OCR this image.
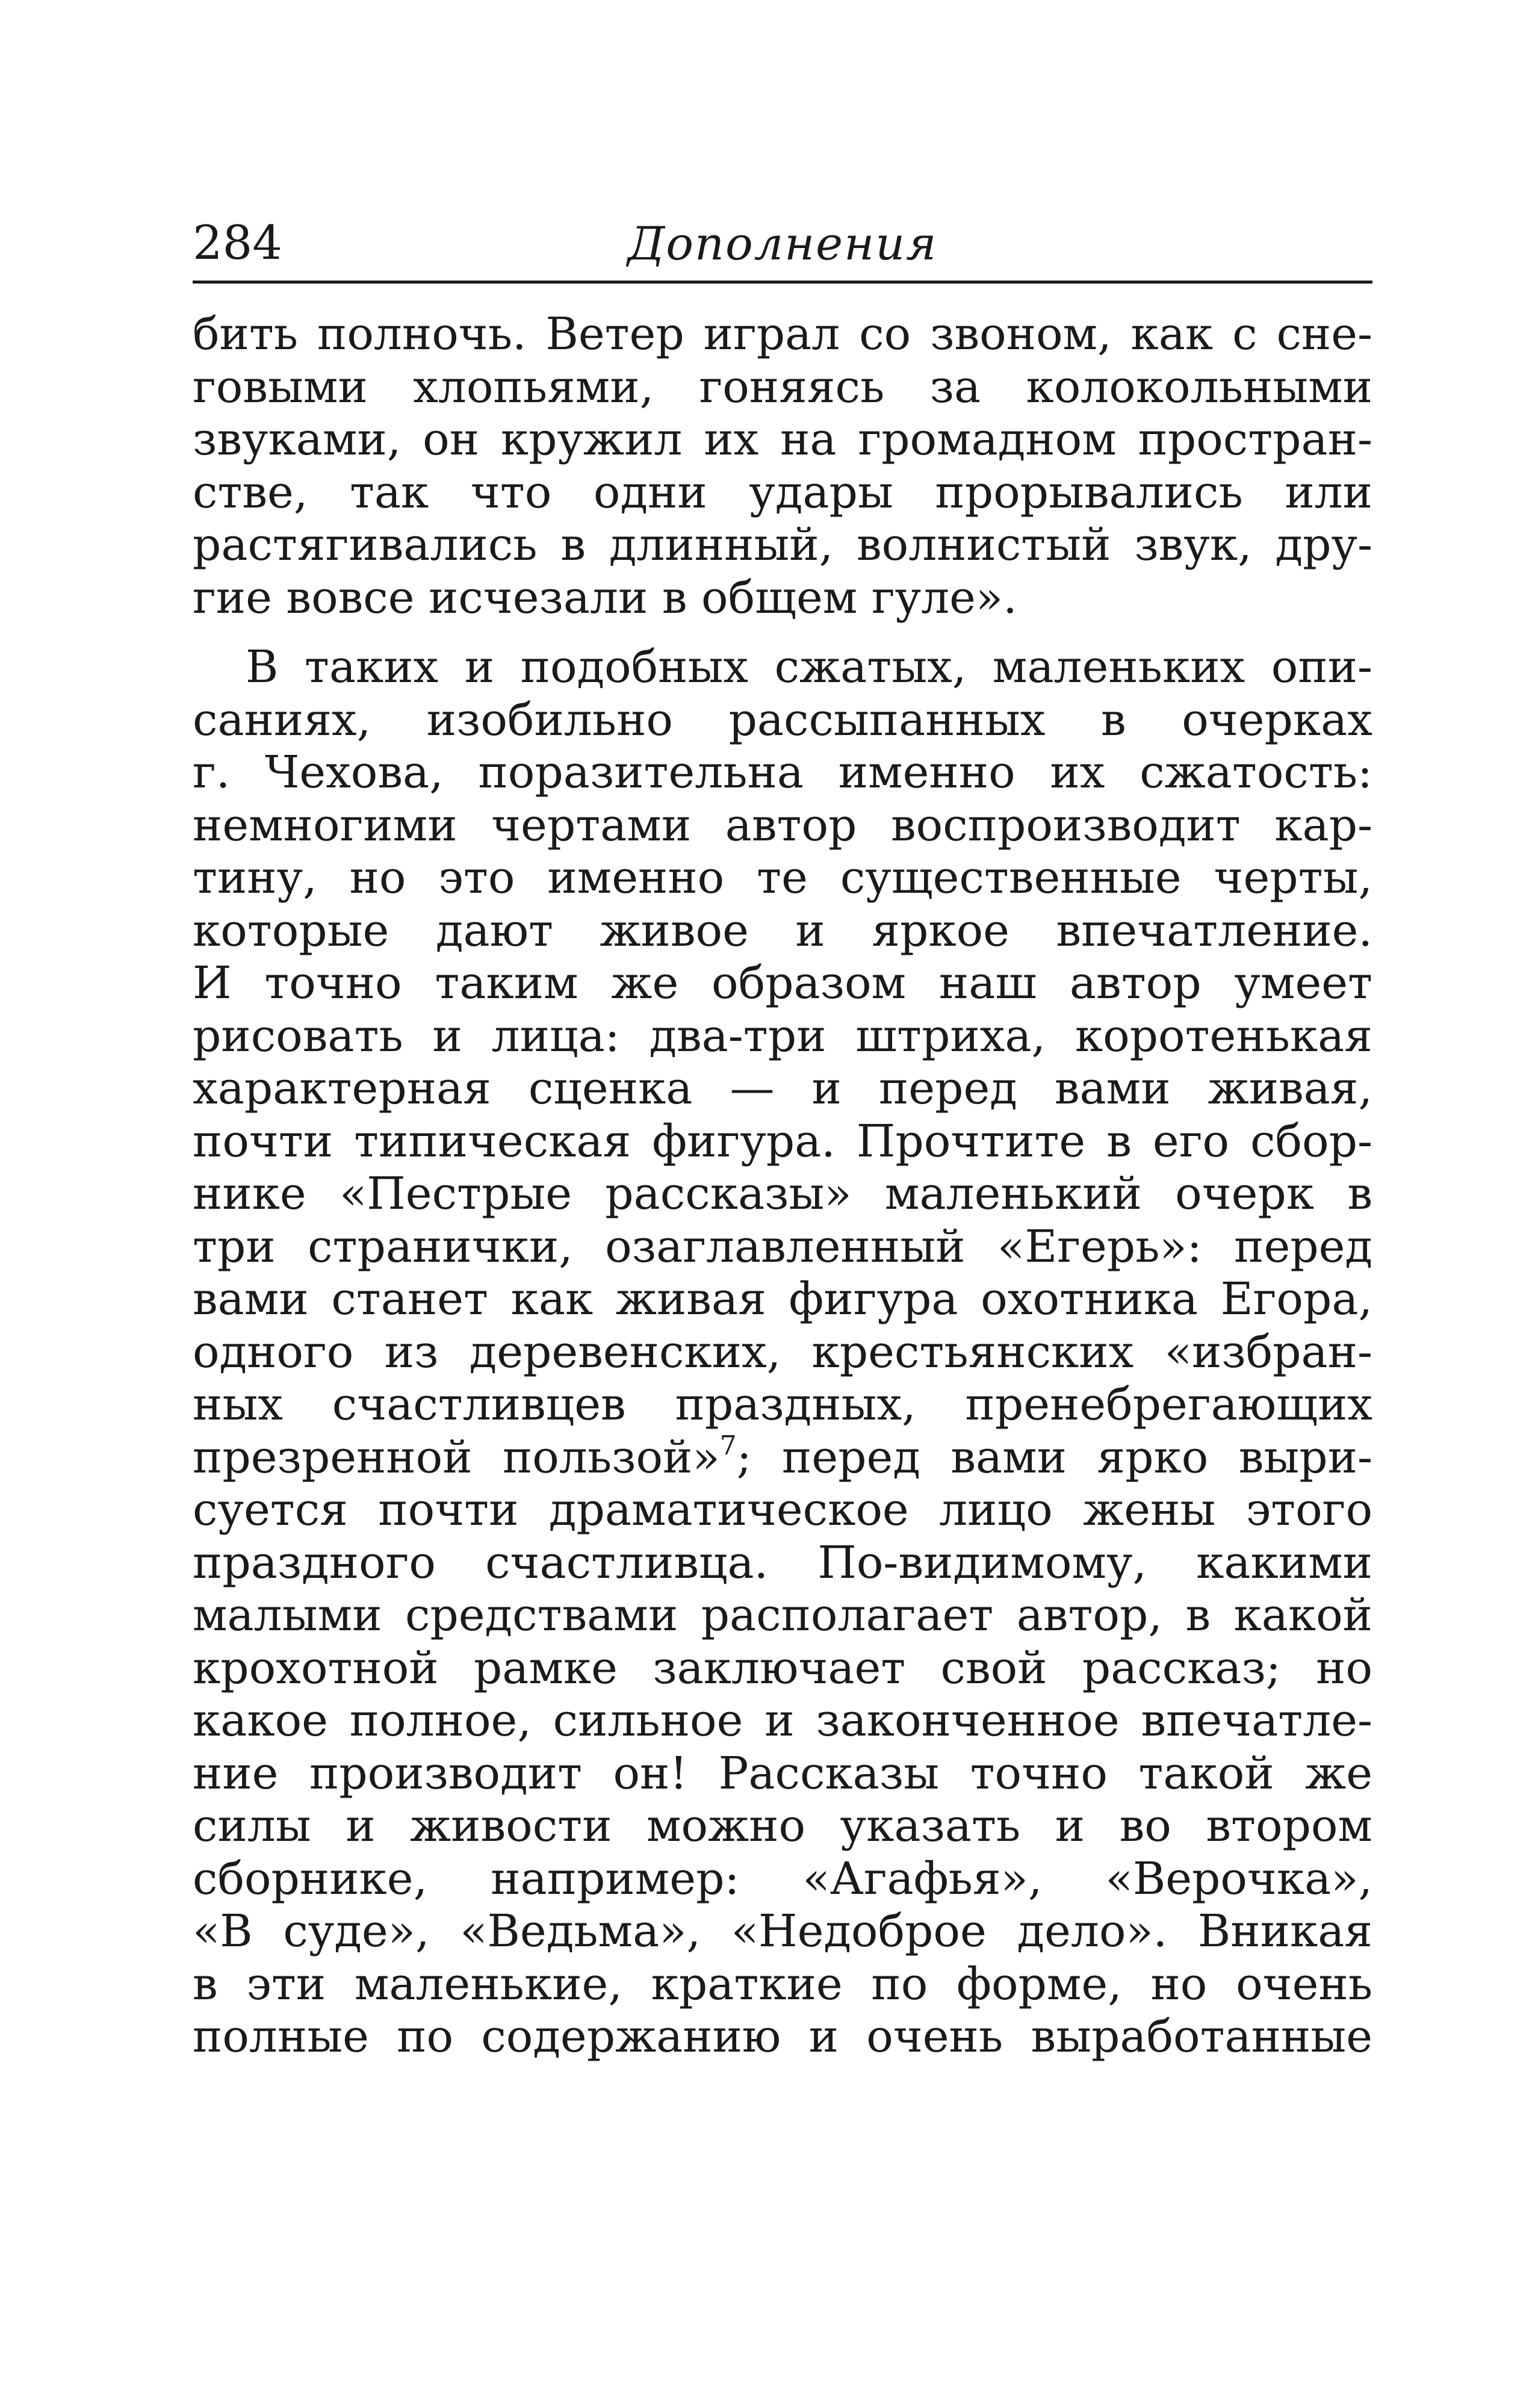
284	Дополнения
бить полночь. Ветер играл со звоном, как с сне-
говыми хлопьями, гоняясь за колокольными
звуками, он кружил их на громадном простран-
стве, так что одни удары прорывались или
растягивались в длинный, волнистый звук, дру-
гие вовсе исчезали в общем гуле».
В таких и подобных сжатых, маленьких опи-
саниях, изобильно рассыпанных в очерках
г. Чехова, поразительна именно их сжатость:
немногими чертами автор воспроизводит кар-
тину, но это именно те существенные черты,
которые дают живое и яркое впечатление.
И точно таким же образом наш автор умеет
рисовать и лица: два-три штриха, коротенькая
характерная сценка — и перед вами живая,
почти типическая фигура. Прочтите в его сбор-
нике «Пестрые рассказы» маленький очерк в
три странички, озаглавленный «Егерь»: перед
вами станет как живая фигура охотника Егора,
одного из деревенских, крестьянских «избран-
ных счастливцев праздных, пренебрегающих
презренной пользой»$^7$; перед вами ярко выри-
суется почти драматическое лицо жены этого
праздного счастливца. По-видимому, какими
малыми средствами располагает автор, в какой
крохотной рамке заключает свой рассказ; но
какое полное, сильное и законченное впечатле-
ние производит он! Рассказы точно такой же
силы и живости можно указать и во втором
сборнике, например: «Агафья», «Верочка»,
«В суде», «Ведьма», «Недоброе дело». Вникая
в эти маленькие, краткие по форме, но очень
полные по содержанию и очень выработанные
